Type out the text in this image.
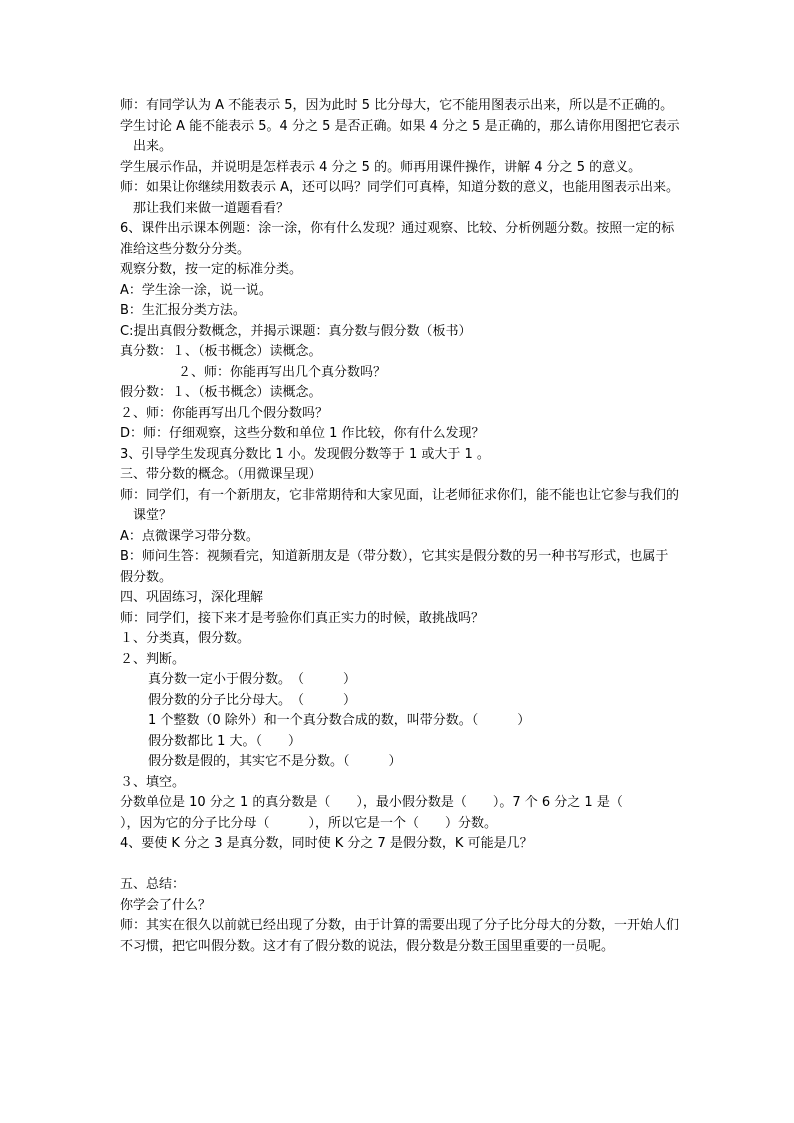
师：有同学认为 A 不能表示 5，因为此时 5 比分母大，它不能用图表示出来，所以是不正确的。

学生讨论 A 能不能表示 5。4 分之 5 是否正确。如果 4 分之 5 是正确的，那么请你用图把它表示出来。

学生展示作品，并说明是怎样表示 4 分之 5 的。师再用课件操作，讲解 4 分之 5 的意义。

师：如果让你继续用数表示 A，还可以吗？同学们可真棒，知道分数的意义，也能用图表示出来。那让我们来做一道题看看？

6、课件出示课本例题：涂一涂，你有什么发现？通过观察、比较、分析例题分数。按照一定的标准给这些分数分分类。

观察分数，按一定的标准分类。

A：学生涂一涂，说一说。

B：生汇报分类方法。

C:提出真假分数概念，并揭示课题：真分数与假分数（板书）

真分数：１、（板书概念）读概念。

２、师：你能再写出几个真分数吗？

假分数：１、（板书概念）读概念。

２、师：你能再写出几个假分数吗？

D：师：仔细观察，这些分数和单位 1 作比较，你有什么发现？

3、引导学生发现真分数比 1 小。发现假分数等于 1 或大于 1 。

三、带分数的概念。（用微课呈现）

师：同学们，有一个新朋友，它非常期待和大家见面，让老师征求你们，能不能也让它参与我们的课堂？

A：点微课学习带分数。

B：师问生答：视频看完，知道新朋友是（带分数），它其实是假分数的另一种书写形式，也属于假分数。

四、巩固练习，深化理解

师：同学们，接下来才是考验你们真正实力的时候，敢挑战吗？

１、分类真，假分数。

２、判断。

真分数一定小于假分数。　（　　　）

假分数的分子比分母大。　（　　　）

1 个整数（0 除外）和一个真分数合成的数，叫带分数。（　　　）

假分数都比 1 大。（　　）

假分数是假的，其实它不是分数。（　　　）

３、填空。

分数单位是 10 分之 1 的真分数是（　　），最小假分数是（　　）。7 个 6 分之 1 是（　　　），因为它的分子比分母（　　　），所以它是一个（　　）分数。

4、要使 K 分之 3 是真分数，同时使 K 分之 7 是假分数，K 可能是几？

五、总结：

你学会了什么？

师：其实在很久以前就已经出现了分数，由于计算的需要出现了分子比分母大的分数，一开始人们不习惯，把它叫假分数。这才有了假分数的说法，假分数是分数王国里重要的一员呢。
